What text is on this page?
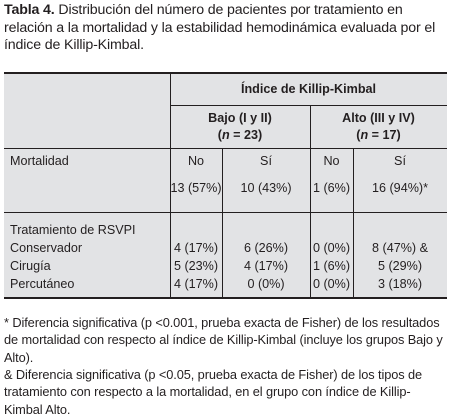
Tabla 4. Distribución del número de pacientes por tratamiento en relación a la mortalidad y la estabilidad hemodinámica evaluada por el índice de Killip-Kimbal.
Índice de Killip-Kimbal
Bajo (I y II)
(n = 23)
Alto (III y IV)
(n = 17)
Mortalidad	No	Sí	No	Sí
13 (57%)	10 (43%)	1 (6%)	16 (94%)*
Tratamiento de RSVPI
Conservador	4 (17%)	6 (26%)	0 (0%)	8 (47%) &
Cirugía	5 (23%)	4 (17%)	1 (6%)	5 (29%)
Percutáneo	4 (17%)	0 (0%)	0 (0%)	3 (18%)
* Diferencia significativa (p <0.001, prueba exacta de Fisher) de los resultados de mortalidad con respecto al índice de Killip-Kimbal (incluye los grupos Bajo y Alto).
& Diferencia significativa (p <0.05, prueba exacta de Fisher) de los tipos de tratamiento con respecto a la mortalidad, en el grupo con índice de Killip-Kimbal Alto.
